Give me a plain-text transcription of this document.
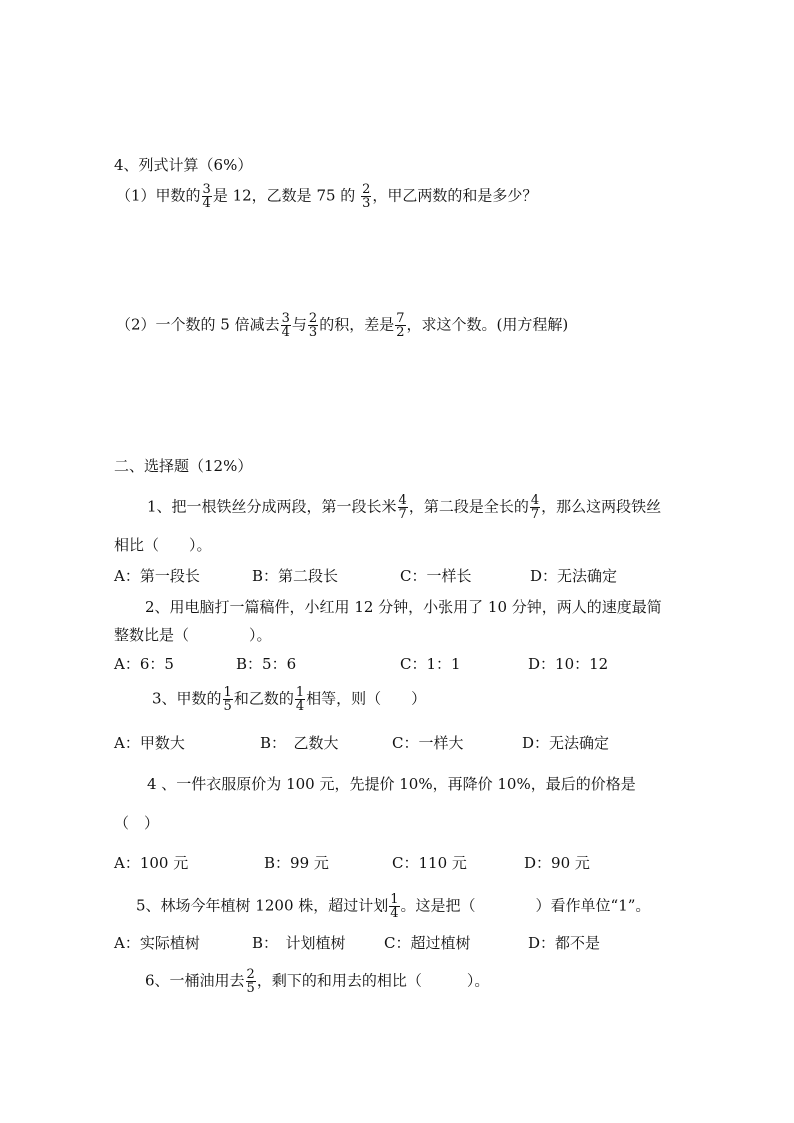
4、列式计算（6%）
（1）甲数的 $\frac{3}{4}$ 是 12，乙数是 75 的 $\frac{2}{3}$ ，甲乙两数的和是多少？
（2）一个数的 5 倍减去 $\frac{3}{4}$ 与 $\frac{2}{3}$ 的积，差是 $\frac{7}{2}$ ，求这个数。(用方程解)
二、选择题（12%）
1、把一根铁丝分成两段，第一段长米 $\frac{4}{7}$ ，第二段是全长的 $\frac{4}{7}$ ，那么这两段铁丝
相比（　　）。
A：第一段长	B：第二段长	C：一样长	D：无法确定
2、用电脑打一篇稿件，小红用 12 分钟，小张用了 10 分钟，两人的速度最简
整数比是（　　　　）。
A：6：5	B：5：6	C：1：1	D：10：12
3、甲数的 $\frac{1}{5}$ 和乙数的 $\frac{1}{4}$ 相等，则（　　）
A：甲数大	B：　乙数大	C：一样大	D：无法确定
4 、一件衣服原价为 100 元，先提价 10%，再降价 10%，最后的价格是
（　）
A：100 元	B：99 元	C：110 元	D：90 元
5、林场今年植树 1200 株，超过计划 $\frac{1}{4}$ 。这是把（　　　　）看作单位“1”。
A：实际植树	B：　计划植树	C：超过植树	D：都不是
6、一桶油用去 $\frac{2}{5}$ ，剩下的和用去的相比（　　　）。
